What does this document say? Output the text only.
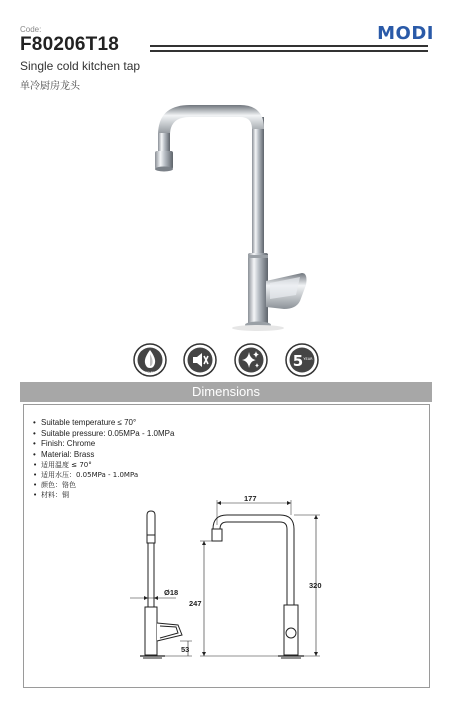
Code:
F80206T18
MODI
Single cold kitchen tap
单冷厨房龙头
LEAD FREE
5 YEAR
Dimensions
• Suitable temperature ≤ 70°
• Suitable pressure: 0.05MPa - 1.0MPa
• Finish: Chrome
• Material: Brass
• 适用温度 ≤ 70°
• 适用水压：0.05MPa - 1.0MPa
• 颜色：铬色
• 材料：铜
Ø18
53
177
247
320
